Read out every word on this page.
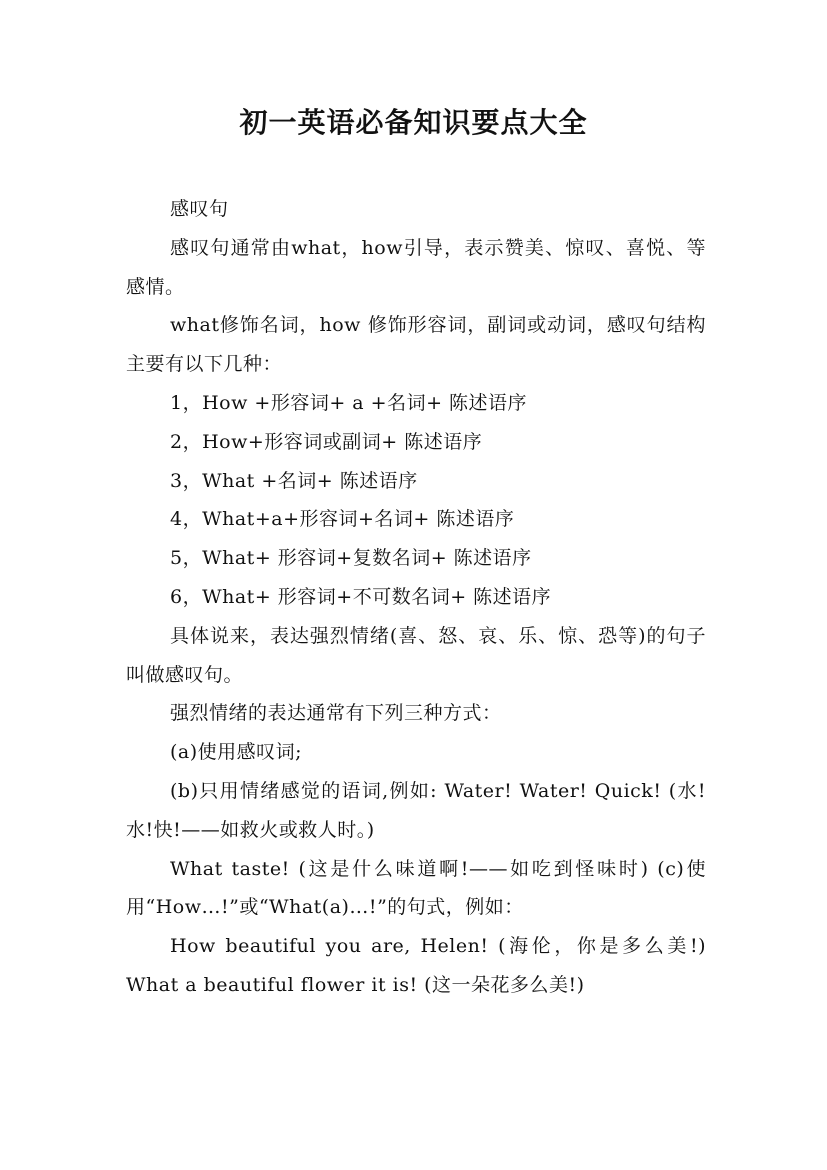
初一英语必备知识要点大全

感叹句

感叹句通常由what，how引导，表示赞美、惊叹、喜悦、等感情。

what修饰名词，how 修饰形容词，副词或动词，感叹句结构主要有以下几种：

1，How +形容词+ a +名词+ 陈述语序

2，How+形容词或副词+ 陈述语序

3，What +名词+ 陈述语序

4，What+a+形容词+名词+ 陈述语序

5，What+ 形容词+复数名词+ 陈述语序

6，What+ 形容词+不可数名词+ 陈述语序

具体说来，表达强烈情绪(喜、怒、哀、乐、惊、恐等)的句子叫做感叹句。

强烈情绪的表达通常有下列三种方式：

(a)使用感叹词;

(b)只用情绪感觉的语词,例如: Water! Water! Quick! (水!水!快!——如救火或救人时。)

What taste! (这是什么味道啊!——如吃到怪味时) (c)使用“How…!”或“What(a)…!”的句式，例如：

How beautiful you are, Helen! (海伦，你是多么美!) What a beautiful flower it is! (这一朵花多么美!)
